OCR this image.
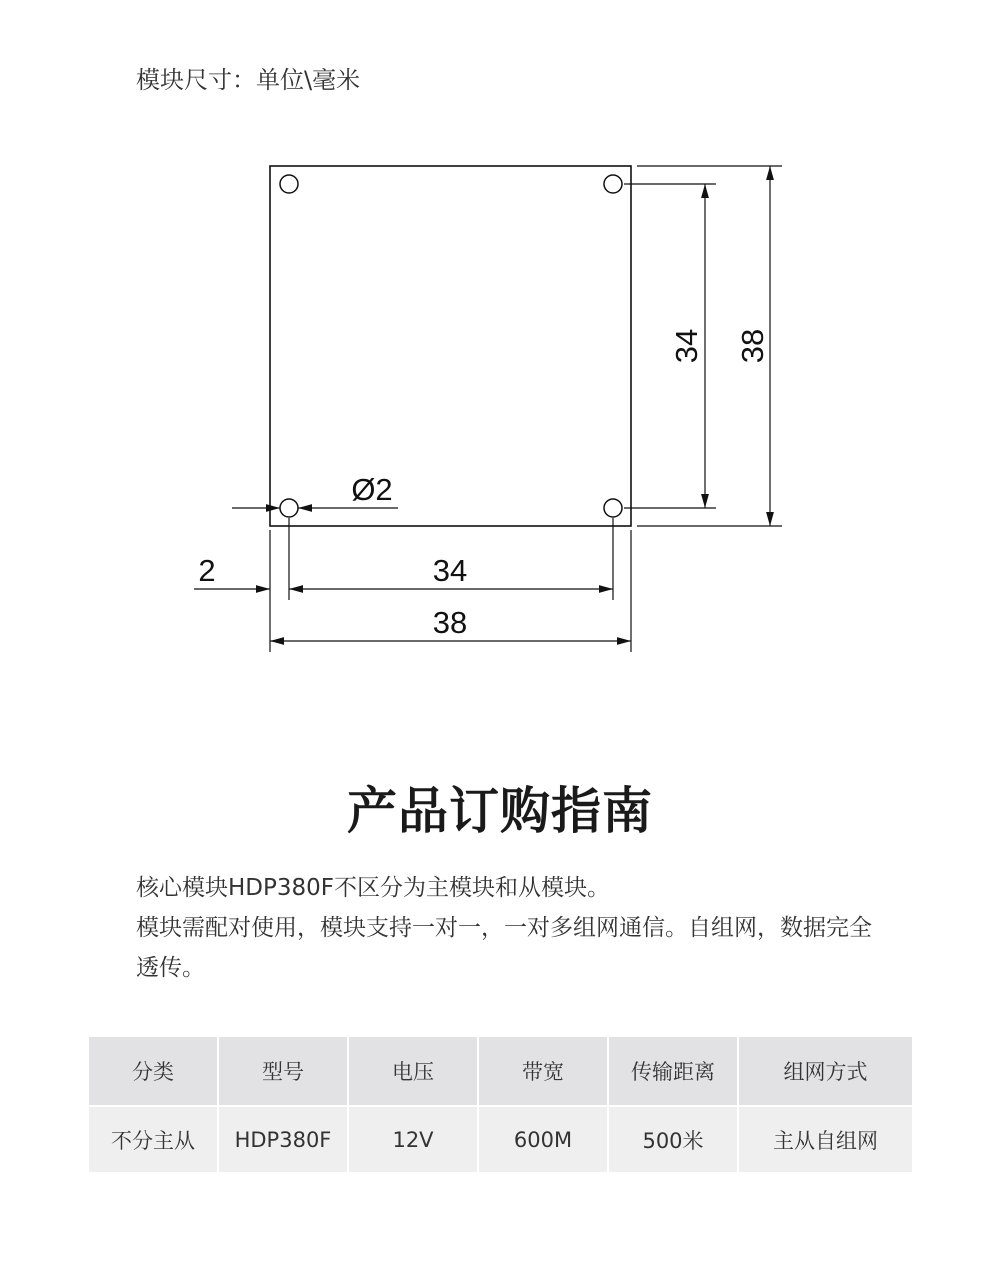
模块尺寸：单位\毫米
Ø2
2	34
38
34 38
产品订购指南

核心模块HDP380F不区分为主模块和从模块。

模块需配对使用，模块支持一对一，一对多组网通信。自组网，数据完全透传。

分类	型号	电压	带宽	传输距离	组网方式
不分主从	HDP380F	12V	600M	500米	主从自组网
